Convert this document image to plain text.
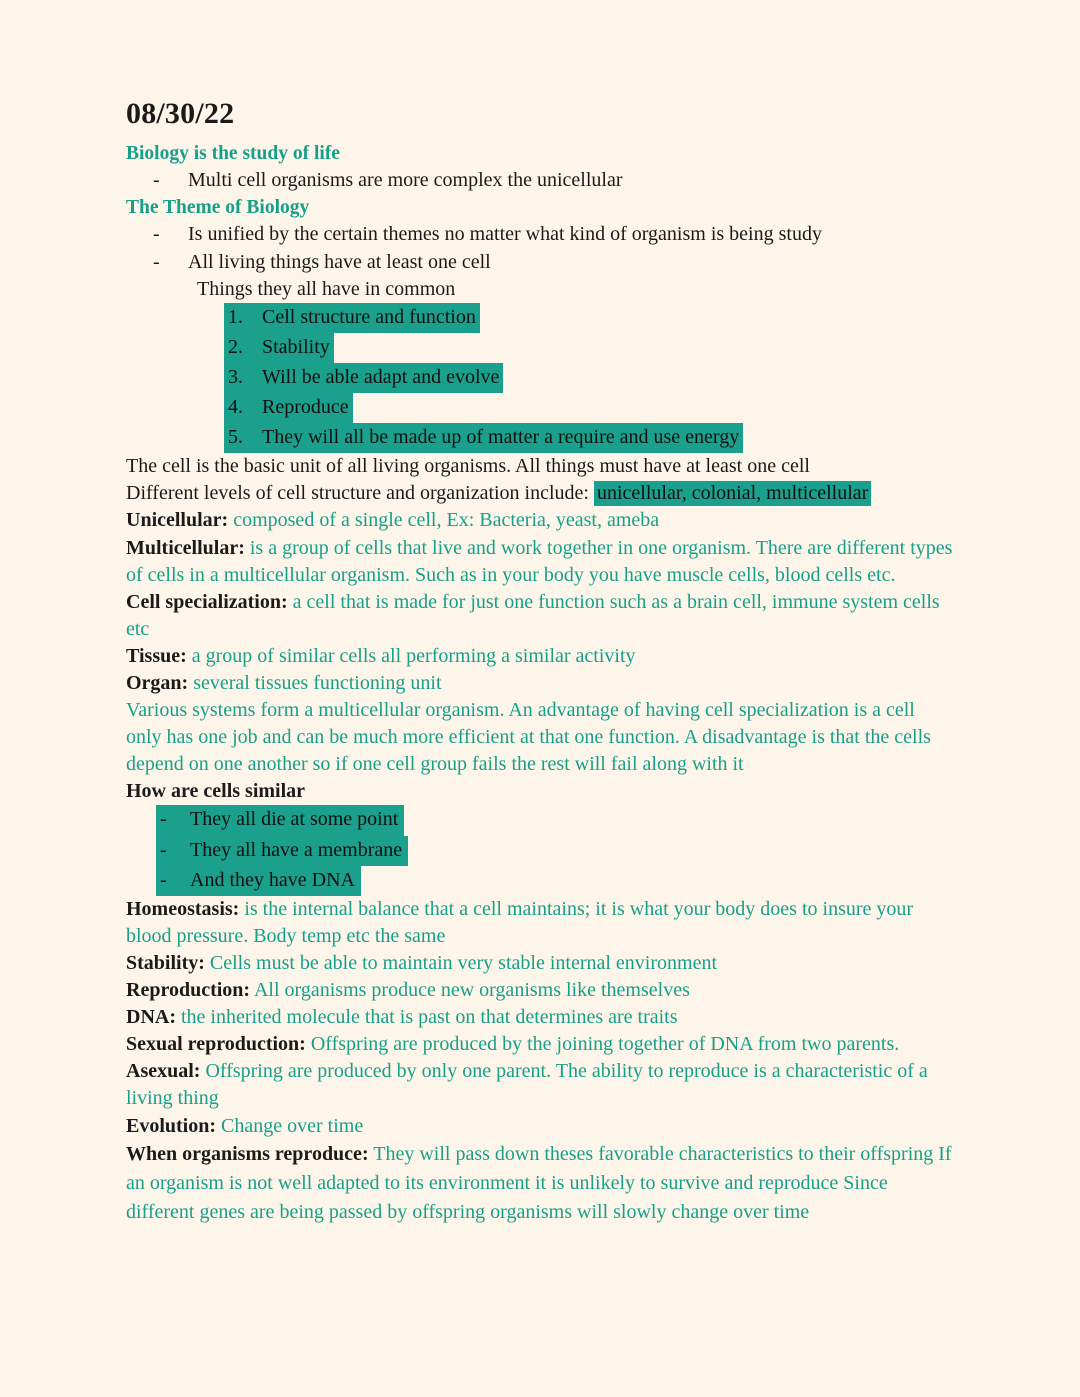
08/30/22

Biology is the study of life

-	Multi cell organisms are more complex the unicellular

The Theme of Biology

-	Is unified by the certain themes no matter what kind of organism is being study
-	All living things have at least one cell

Things they all have in common

1. Cell structure and function
2. Stability
3. Will be able adapt and evolve
4. Reproduce
5. They will all be made up of matter a require and use energy

The cell is the basic unit of all living organisms. All things must have at least one cell

Different levels of cell structure and organization include: unicellular, colonial, multicellular

Unicellular: composed of a single cell, Ex: Bacteria, yeast, ameba

Multicellular: is a group of cells that live and work together in one organism. There are different types of cells in a multicellular organism. Such as in your body you have muscle cells, blood cells etc.

Cell specialization: a cell that is made for just one function such as a brain cell, immune system cells etc

Tissue: a group of similar cells all performing a similar activity

Organ: several tissues functioning unit

Various systems form a multicellular organism. An advantage of having cell specialization is a cell only has one job and can be much more efficient at that one function. A disadvantage is that the cells depend on one another so if one cell group fails the rest will fail along with it

How are cells similar

-	They all die at some point
-	They all have a membrane
-	And they have DNA

Homeostasis: is the internal balance that a cell maintains; it is what your body does to insure your blood pressure. Body temp etc the same

Stability: Cells must be able to maintain very stable internal environment

Reproduction: All organisms produce new organisms like themselves

DNA: the inherited molecule that is past on that determines are traits

Sexual reproduction: Offspring are produced by the joining together of DNA from two parents.

Asexual: Offspring are produced by only one parent. The ability to reproduce is a characteristic of a living thing

Evolution: Change over time

When organisms reproduce: They will pass down theses favorable characteristics to their offspring If an organism is not well adapted to its environment it is unlikely to survive and reproduce Since different genes are being passed by offspring organisms will slowly change over time
